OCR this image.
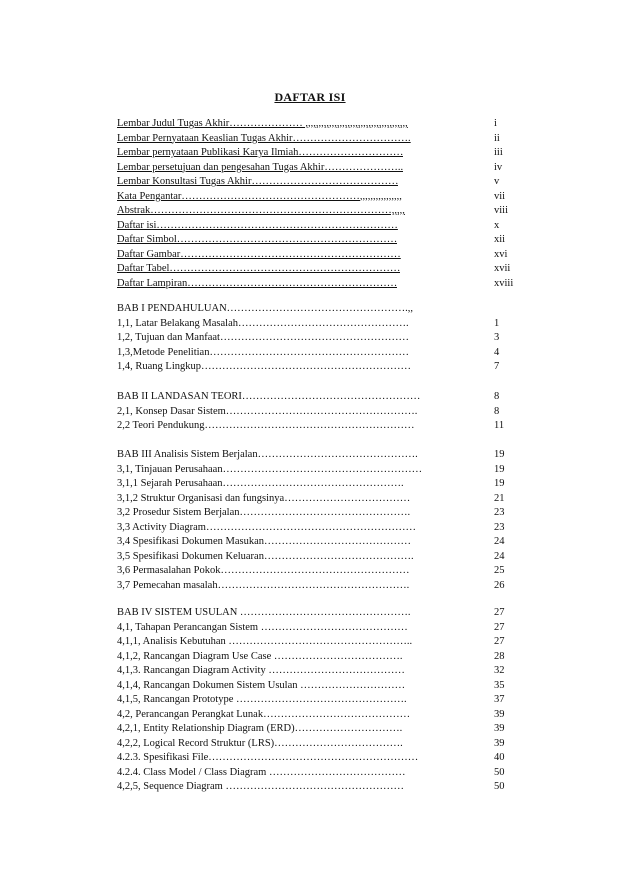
DAFTAR ISI
Lembar Judul Tugas Akhir………………… ,,,,,,,,,,,,,,,,,,,,,,,,,,,,,,,,,,,,,,,	i
Lembar Pernyataan Keaslian Tugas Akhir…………………………….	ii
Lembar pernyataan Publikasi Karya Ilmiah…………………………	iii
Lembar persetujuan dan pengesahan Tugas Akhir…………………..	iv
Lembar Konsultasi Tugas Akhir……………………………………	v
Kata Pengantar……………………………………………,,,,,,,,,,,,,,,,	vii
Abstrak……………………………………………………………,,,,,	viii
Daftar isi……………………………………………………………	x
Daftar Simbol………………………………………………………	xii
Daftar Gambar………………………………………………………	xvi
Daftar Tabel…………………………………………………………	xvii
Daftar Lampiran……………………………………………………	xviii
BAB I PENDAHULUAN…………………………………………….,,
1,1, Latar Belakang Masalah………………………………………….	1
1,2, Tujuan dan Manfaat………………………………………………	3
1,3,Metode Penelitian…………………………………………………	4
1,4, Ruang Lingkup……………………………………………………	7
BAB II LANDASAN TEORI……………………………………………	8
2,1, Konsep Dasar Sistem……………………………………………….	8
2,2 Teori Pendukung……………………………………………………	11
BAB III Analisis Sistem Berjalan……………………………………….	19
3,1, Tinjauan Perusahaan…………………………………………………	19
3,1,1 Sejarah Perusahaan…………………………………………….	19
3,1,2 Struktur Organisasi dan fungsinya………………………………	21
3,2 Prosedur Sistem Berjalan………………………………………….	23
3,3 Activity Diagram……………………………………………………	23
3,4 Spesifikasi Dokumen Masukan……………………………………	24
3,5 Spesifikasi Dokumen Keluaran…………………………………….	24
3,6 Permasalahan Pokok………………………………………………	25
3,7 Pemecahan masalah……………………………………………….	26
BAB IV SISTEM USULAN ………………………………………….	27
4,1, Tahapan Perancangan Sistem ……………………………………	27
4,1,1, Analisis Kebutuhan ……………………………………………..	27
4,1,2, Rancangan Diagram Use Case ……………………………….	28
4,1,3. Rancangan Diagram Activity …………………………………	32
4,1,4, Rancangan Dokumen Sistem Usulan …………………………	35
4,1,5, Rancangan Prototype ………………………………………….	37
4,2, Perancangan Perangkat Lunak……………………………………	39
4,2,1, Entity Relationship Diagram (ERD)………………………….	39
4,2,2, Logical Record Struktur (LRS)……………………………….	39
4.2.3. Spesifikasi File……………………………………………………	40
4.2.4. Class Model / Class Diagram …………………………………	50
4,2,5, Sequence Diagram ……………………………………………	50
